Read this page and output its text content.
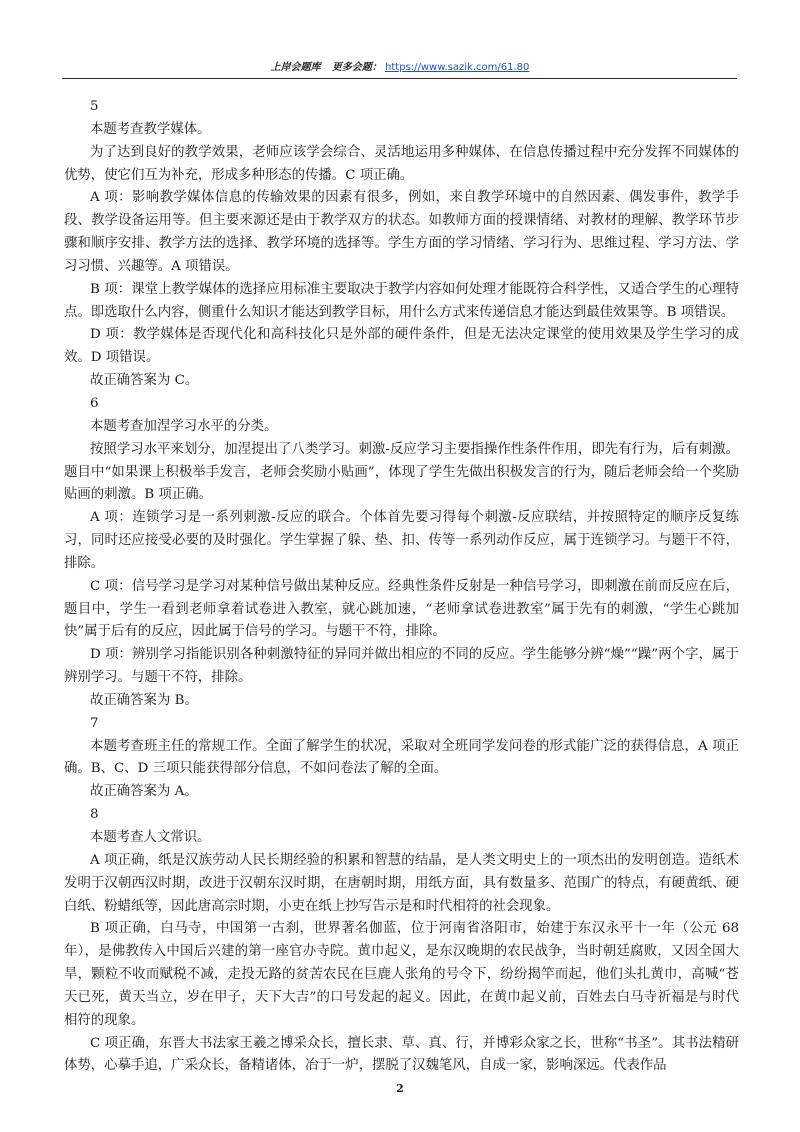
上岸会题库 更多会题： https://www.sazik.com/61.80

5

本题考查教学媒体。

为了达到良好的教学效果，老师应该学会综合、灵活地运用多种媒体，在信息传播过程中充分发挥不同媒体的优势，使它们互为补充，形成多种形态的传播。C 项正确。

A 项：影响教学媒体信息的传输效果的因素有很多，例如，来自教学环境中的自然因素、偶发事件，教学手段、教学设备运用等。但主要来源还是由于教学双方的状态。如教师方面的授课情绪、对教材的理解、教学环节步骤和顺序安排、教学方法的选择、教学环境的选择等。学生方面的学习情绪、学习行为、思维过程、学习方法、学习习惯、兴趣等。A 项错误。

B 项：课堂上教学媒体的选择应用标准主要取决于教学内容如何处理才能既符合科学性，又适合学生的心理特点。即选取什么内容，侧重什么知识才能达到教学目标，用什么方式来传递信息才能达到最佳效果等。B 项错误。

D 项：教学媒体是否现代化和高科技化只是外部的硬件条件，但是无法决定课堂的使用效果及学生学习的成效。D 项错误。

故正确答案为 C。

6

本题考查加涅学习水平的分类。

按照学习水平来划分，加涅提出了八类学习。刺激-反应学习主要指操作性条件作用，即先有行为，后有刺激。题目中“如果课上积极举手发言，老师会奖励小贴画”，体现了学生先做出积极发言的行为，随后老师会给一个奖励贴画的刺激。B 项正确。

A 项：连锁学习是一系列刺激-反应的联合。个体首先要习得每个刺激-反应联结，并按照特定的顺序反复练习，同时还应接受必要的及时强化。学生掌握了躲、垫、扣、传等一系列动作反应，属于连锁学习。与题干不符，排除。

C 项：信号学习是学习对某种信号做出某种反应。经典性条件反射是一种信号学习，即刺激在前而反应在后，题目中，学生一看到老师拿着试卷进入教室，就心跳加速，“老师拿试卷进教室”属于先有的刺激，“学生心跳加快”属于后有的反应，因此属于信号的学习。与题干不符，排除。

D 项：辨别学习指能识别各种刺激特征的异同并做出相应的不同的反应。学生能够分辨“燥”“躁”两个字，属于辨别学习。与题干不符，排除。

故正确答案为 B。

7

本题考查班主任的常规工作。全面了解学生的状况，采取对全班同学发问卷的形式能广泛的获得信息，A 项正确。B、C、D 三项只能获得部分信息，不如问卷法了解的全面。

故正确答案为 A。

8

本题考查人文常识。

A 项正确，纸是汉族劳动人民长期经验的积累和智慧的结晶，是人类文明史上的一项杰出的发明创造。造纸术发明于汉朝西汉时期，改进于汉朝东汉时期，在唐朝时期，用纸方面，具有数量多、范围广的特点，有硬黄纸、硬白纸、粉蜡纸等，因此唐高宗时期，小吏在纸上抄写告示是和时代相符的社会现象。

B 项正确，白马寺，中国第一古刹，世界著名伽蓝，位于河南省洛阳市，始建于东汉永平十一年（公元 68 年），是佛教传入中国后兴建的第一座官办寺院。黄巾起义，是东汉晚期的农民战争，当时朝廷腐败，又因全国大旱，颗粒不收而赋税不减，走投无路的贫苦农民在巨鹿人张角的号令下，纷纷揭竿而起，他们头扎黄巾，高喊“苍天已死，黄天当立，岁在甲子，天下大吉”的口号发起的起义。因此，在黄巾起义前，百姓去白马寺祈福是与时代相符的现象。

C 项正确，东晋大书法家王羲之博采众长，擅长隶、草、真、行，并博彩众家之长，世称“书圣”。其书法精研体势，心摹手追，广采众长，备精诸体，冶于一炉，摆脱了汉魏笔风，自成一家，影响深远。代表作品

2
